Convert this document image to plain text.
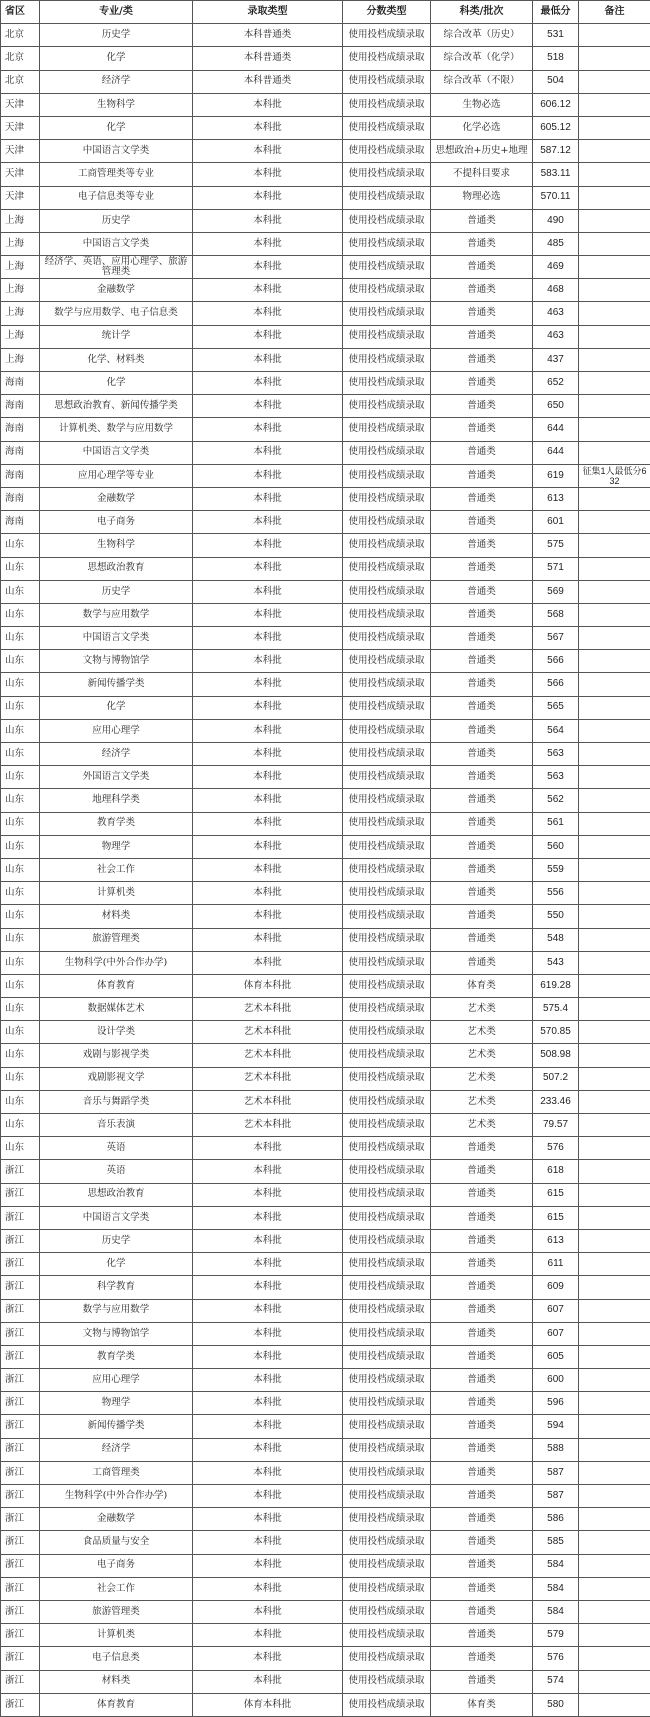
省区	专业/类	录取类型	分数类型	科类/批次	最低分	备注
北京	历史学	本科普通类	使用投档成绩录取	综合改革（历史）	531	
北京	化学	本科普通类	使用投档成绩录取	综合改革（化学）	518	
北京	经济学	本科普通类	使用投档成绩录取	综合改革（不限）	504	
天津	生物科学	本科批	使用投档成绩录取	生物必选	606.12	
天津	化学	本科批	使用投档成绩录取	化学必选	605.12	
天津	中国语言文学类	本科批	使用投档成绩录取	思想政治+历史+地理	587.12	
天津	工商管理类等专业	本科批	使用投档成绩录取	不提科目要求	583.11	
天津	电子信息类等专业	本科批	使用投档成绩录取	物理必选	570.11	
上海	历史学	本科批	使用投档成绩录取	普通类	490	
上海	中国语言文学类	本科批	使用投档成绩录取	普通类	485	
上海	经济学、英语、应用心理学、旅游管理类	本科批	使用投档成绩录取	普通类	469	
上海	金融数学	本科批	使用投档成绩录取	普通类	468	
上海	数学与应用数学、电子信息类	本科批	使用投档成绩录取	普通类	463	
上海	统计学	本科批	使用投档成绩录取	普通类	463	
上海	化学、材料类	本科批	使用投档成绩录取	普通类	437	
海南	化学	本科批	使用投档成绩录取	普通类	652	
海南	思想政治教育、新闻传播学类	本科批	使用投档成绩录取	普通类	650	
海南	计算机类、数学与应用数学	本科批	使用投档成绩录取	普通类	644	
海南	中国语言文学类	本科批	使用投档成绩录取	普通类	644	
海南	应用心理学等专业	本科批	使用投档成绩录取	普通类	619	征集1人最低分632
海南	金融数学	本科批	使用投档成绩录取	普通类	613	
海南	电子商务	本科批	使用投档成绩录取	普通类	601	
山东	生物科学	本科批	使用投档成绩录取	普通类	575	
山东	思想政治教育	本科批	使用投档成绩录取	普通类	571	
山东	历史学	本科批	使用投档成绩录取	普通类	569	
山东	数学与应用数学	本科批	使用投档成绩录取	普通类	568	
山东	中国语言文学类	本科批	使用投档成绩录取	普通类	567	
山东	文物与博物馆学	本科批	使用投档成绩录取	普通类	566	
山东	新闻传播学类	本科批	使用投档成绩录取	普通类	566	
山东	化学	本科批	使用投档成绩录取	普通类	565	
山东	应用心理学	本科批	使用投档成绩录取	普通类	564	
山东	经济学	本科批	使用投档成绩录取	普通类	563	
山东	外国语言文学类	本科批	使用投档成绩录取	普通类	563	
山东	地理科学类	本科批	使用投档成绩录取	普通类	562	
山东	教育学类	本科批	使用投档成绩录取	普通类	561	
山东	物理学	本科批	使用投档成绩录取	普通类	560	
山东	社会工作	本科批	使用投档成绩录取	普通类	559	
山东	计算机类	本科批	使用投档成绩录取	普通类	556	
山东	材料类	本科批	使用投档成绩录取	普通类	550	
山东	旅游管理类	本科批	使用投档成绩录取	普通类	548	
山东	生物科学(中外合作办学)	本科批	使用投档成绩录取	普通类	543	
山东	体育教育	体育本科批	使用投档成绩录取	体育类	619.28	
山东	数据媒体艺术	艺术本科批	使用投档成绩录取	艺术类	575.4	
山东	设计学类	艺术本科批	使用投档成绩录取	艺术类	570.85	
山东	戏剧与影视学类	艺术本科批	使用投档成绩录取	艺术类	508.98	
山东	戏剧影视文学	艺术本科批	使用投档成绩录取	艺术类	507.2	
山东	音乐与舞蹈学类	艺术本科批	使用投档成绩录取	艺术类	233.46	
山东	音乐表演	艺术本科批	使用投档成绩录取	艺术类	79.57	
山东	英语	本科批	使用投档成绩录取	普通类	576	
浙江	英语	本科批	使用投档成绩录取	普通类	618	
浙江	思想政治教育	本科批	使用投档成绩录取	普通类	615	
浙江	中国语言文学类	本科批	使用投档成绩录取	普通类	615	
浙江	历史学	本科批	使用投档成绩录取	普通类	613	
浙江	化学	本科批	使用投档成绩录取	普通类	611	
浙江	科学教育	本科批	使用投档成绩录取	普通类	609	
浙江	数学与应用数学	本科批	使用投档成绩录取	普通类	607	
浙江	文物与博物馆学	本科批	使用投档成绩录取	普通类	607	
浙江	教育学类	本科批	使用投档成绩录取	普通类	605	
浙江	应用心理学	本科批	使用投档成绩录取	普通类	600	
浙江	物理学	本科批	使用投档成绩录取	普通类	596	
浙江	新闻传播学类	本科批	使用投档成绩录取	普通类	594	
浙江	经济学	本科批	使用投档成绩录取	普通类	588	
浙江	工商管理类	本科批	使用投档成绩录取	普通类	587	
浙江	生物科学(中外合作办学)	本科批	使用投档成绩录取	普通类	587	
浙江	金融数学	本科批	使用投档成绩录取	普通类	586	
浙江	食品质量与安全	本科批	使用投档成绩录取	普通类	585	
浙江	电子商务	本科批	使用投档成绩录取	普通类	584	
浙江	社会工作	本科批	使用投档成绩录取	普通类	584	
浙江	旅游管理类	本科批	使用投档成绩录取	普通类	584	
浙江	计算机类	本科批	使用投档成绩录取	普通类	579	
浙江	电子信息类	本科批	使用投档成绩录取	普通类	576	
浙江	材料类	本科批	使用投档成绩录取	普通类	574	
浙江	体育教育	体育本科批	使用投档成绩录取	体育类	580	
